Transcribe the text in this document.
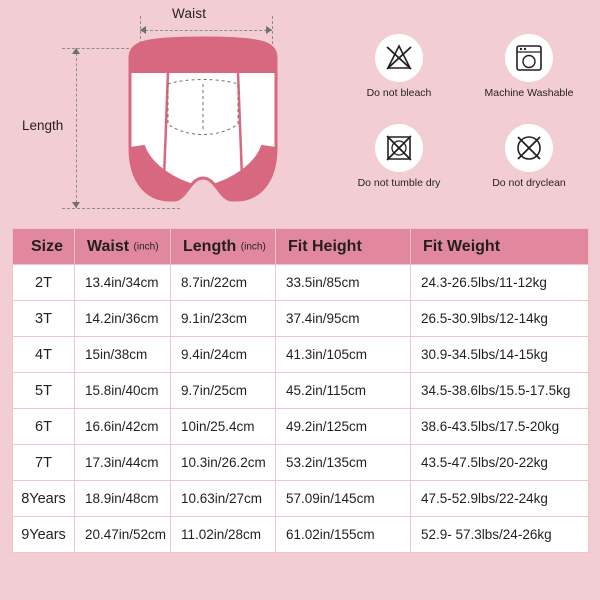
Waist
Length
Do not bleach	Machine Washable
Do not tumble dry	Do not dryclean
Size	Waist (inch)	Length (inch)	Fit Height	Fit Weight

2T	13.4in/34cm	8.7in/22cm	33.5in/85cm	24.3-26.5lbs/11-12kg

3T	14.2in/36cm	9.1in/23cm	37.4in/95cm	26.5-30.9lbs/12-14kg

4T	15in/38cm	9.4in/24cm	41.3in/105cm	30.9-34.5lbs/14-15kg

5T	15.8in/40cm	9.7in/25cm	45.2in/115cm	34.5-38.6lbs/15.5-17.5kg

6T	16.6in/42cm	10in/25.4cm	49.2in/125cm	38.6-43.5lbs/17.5-20kg

7T	17.3in/44cm	10.3in/26.2cm	53.2in/135cm	43.5-47.5lbs/20-22kg

8Years	18.9in/48cm	10.63in/27cm	57.09in/145cm	47.5-52.9lbs/22-24kg

9Years	20.47in/52cm	11.02in/28cm	61.02in/155cm	52.9- 57.3lbs/24-26kg
